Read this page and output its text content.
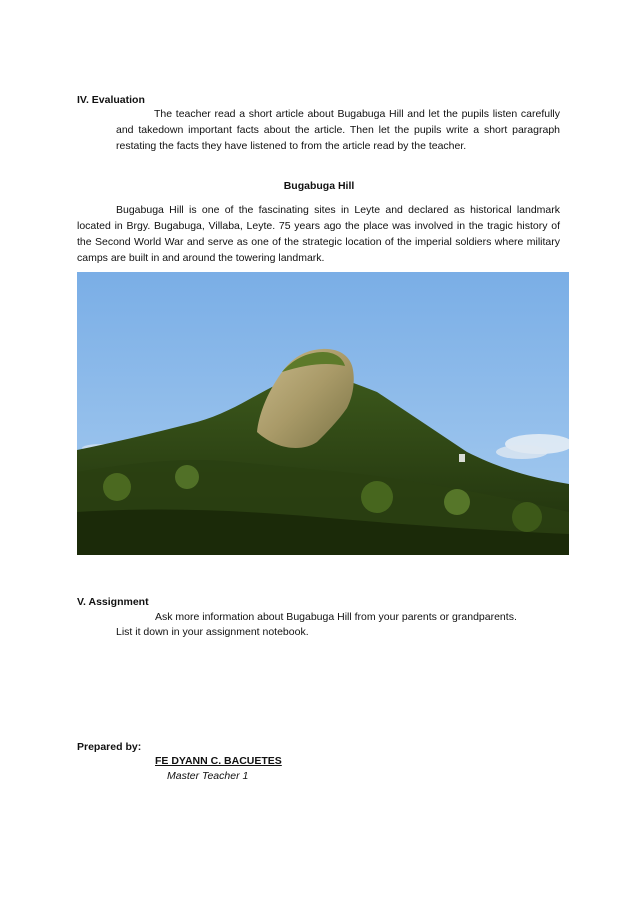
IV. Evaluation
The teacher read a short article about Bugabuga Hill and let the pupils listen carefully and takedown important facts about the article. Then let the pupils write a short paragraph restating the facts they have listened to from the article read by the teacher.
Bugabuga Hill
Bugabuga Hill is one of the fascinating sites in Leyte and declared as historical landmark located in Brgy. Bugabuga, Villaba, Leyte. 75 years ago the place was involved in the tragic history of the Second World War and serve as one of the strategic location of the imperial soldiers where military camps are built in and around the towering landmark.
V. Assignment
Ask more information about Bugabuga Hill from your parents or grandparents.
List it down in your assignment notebook.
Prepared by:
FE DYANN C. BACUETES
Master Teacher 1
